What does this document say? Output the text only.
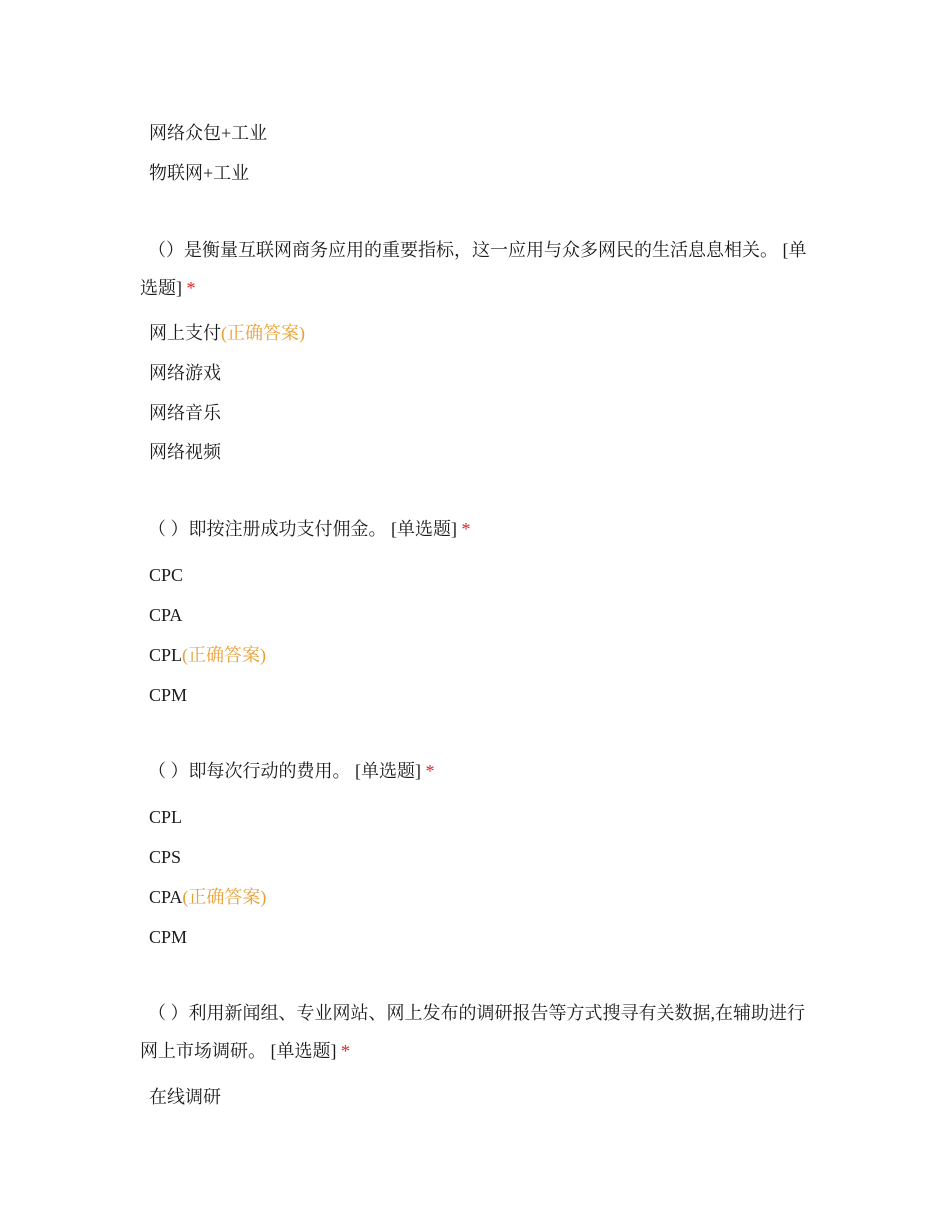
网络众包+工业
物联网+工业
（）是衡量互联网商务应用的重要指标，这一应用与众多网民的生活息息相关。 [单选题] *
网上支付(正确答案)
网络游戏
网络音乐
网络视频
（ ）即按注册成功支付佣金。 [单选题] *
CPC
CPA
CPL(正确答案)
CPM
（ ）即每次行动的费用。 [单选题] *
CPL
CPS
CPA(正确答案)
CPM
（ ）利用新闻组、专业网站、网上发布的调研报告等方式搜寻有关数据,在辅助进行网上市场调研。 [单选题] *
在线调研
